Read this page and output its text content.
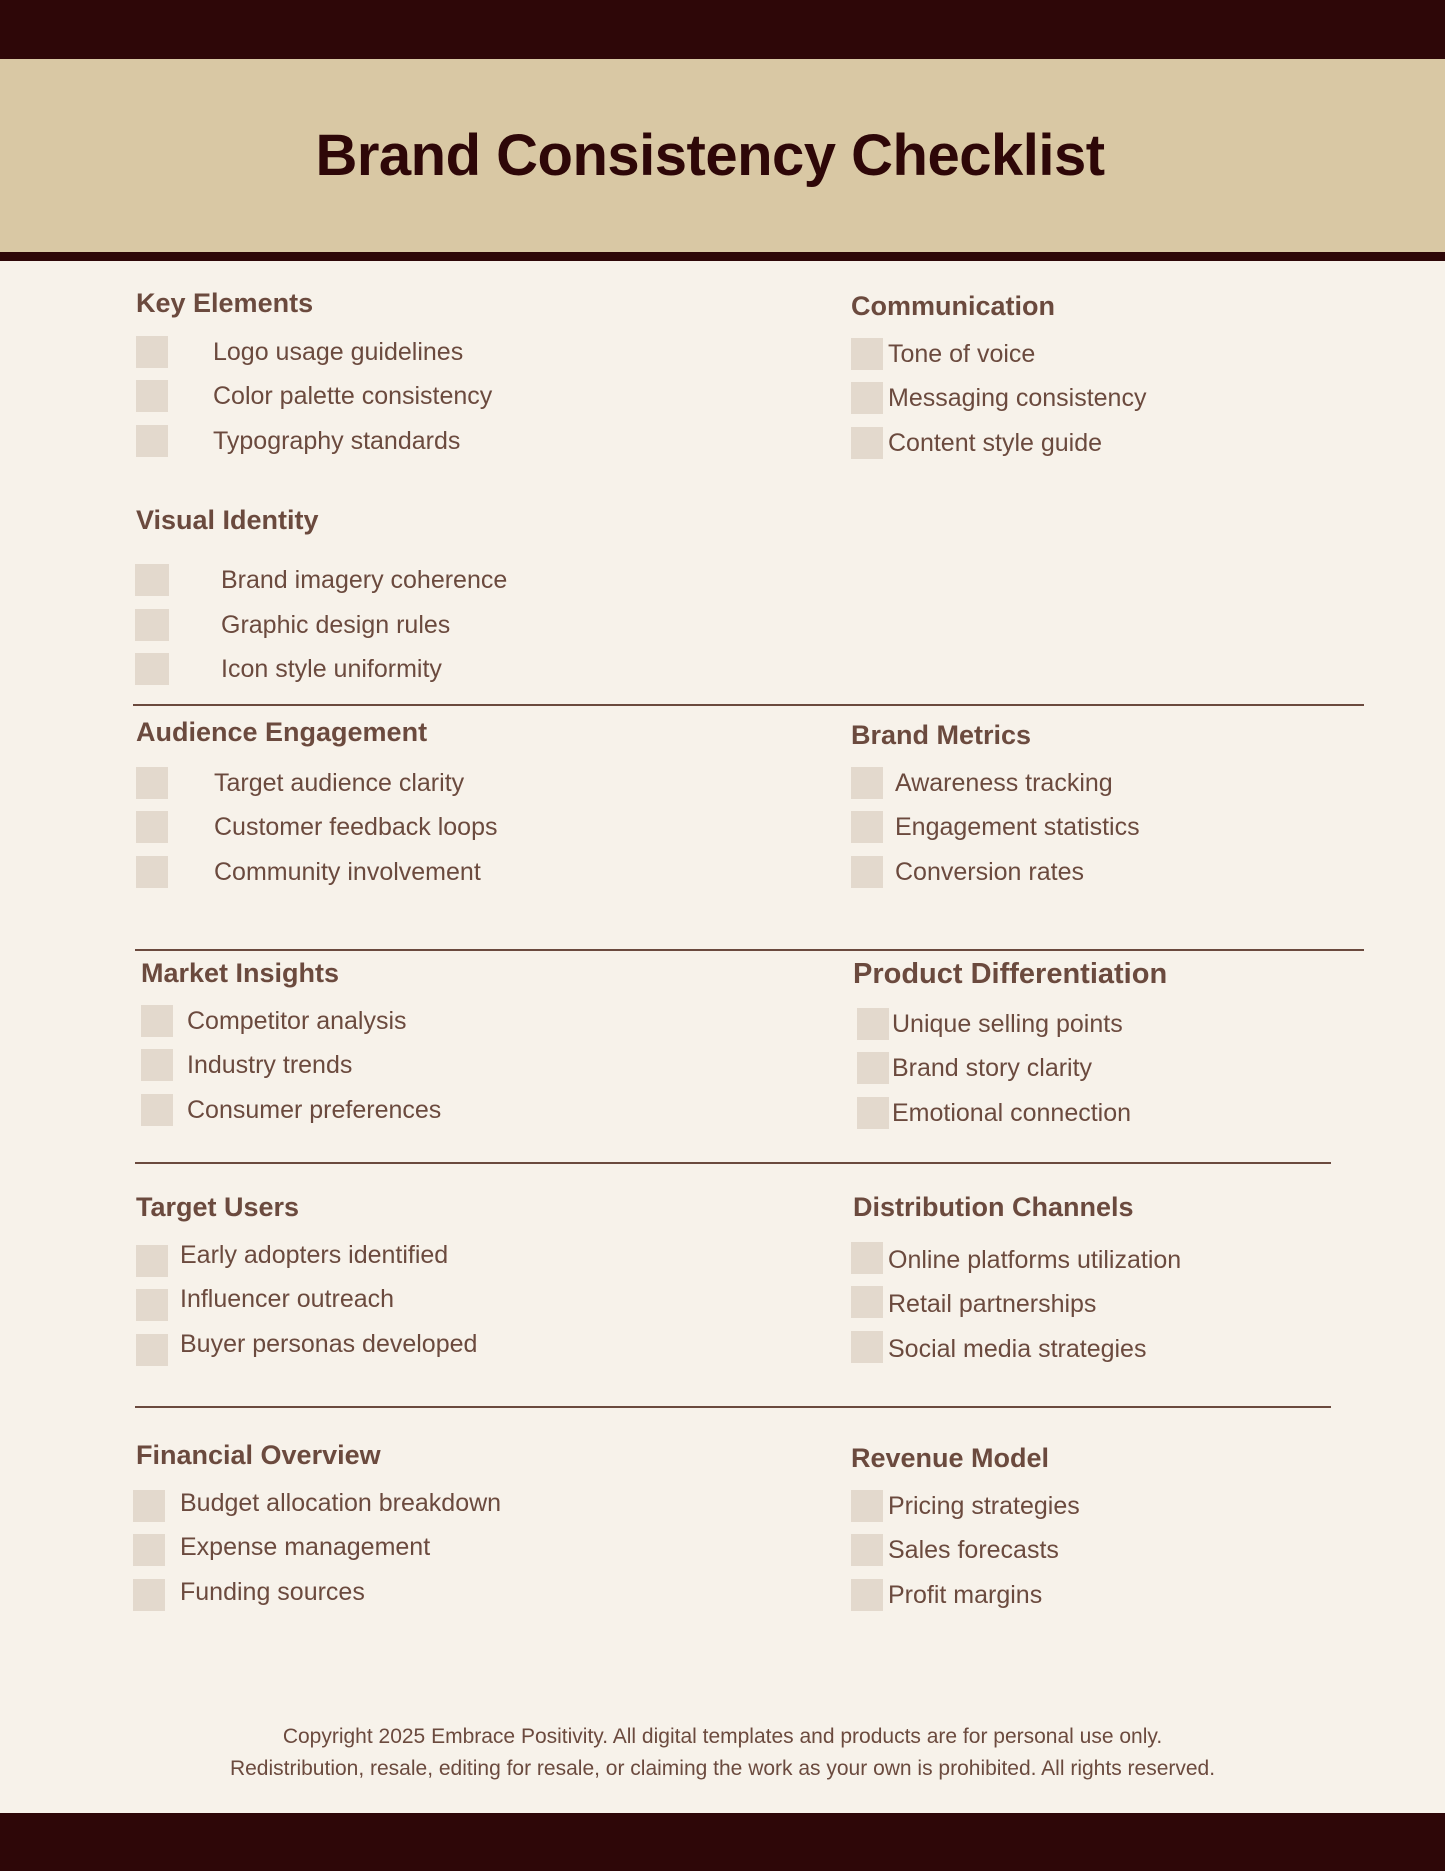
Brand Consistency Checklist
Key Elements
Logo usage guidelines
Color palette consistency
Typography standards
Communication
Tone of voice
Messaging consistency
Content style guide
Visual Identity
Brand imagery coherence
Graphic design rules
Icon style uniformity
Audience Engagement
Target audience clarity
Customer feedback loops
Community involvement
Brand Metrics
Awareness tracking
Engagement statistics
Conversion rates
Market Insights
Competitor analysis
Industry trends
Consumer preferences
Product Differentiation
Unique selling points
Brand story clarity
Emotional connection
Target Users
Early adopters identified
Influencer outreach
Buyer personas developed
Distribution Channels
Online platforms utilization
Retail partnerships
Social media strategies
Financial Overview
Budget allocation breakdown
Expense management
Funding sources
Revenue Model
Pricing strategies
Sales forecasts
Profit margins
Copyright 2025 Embrace Positivity. All digital templates and products are for personal use only.
Redistribution, resale, editing for resale, or claiming the work as your own is prohibited. All rights reserved.
